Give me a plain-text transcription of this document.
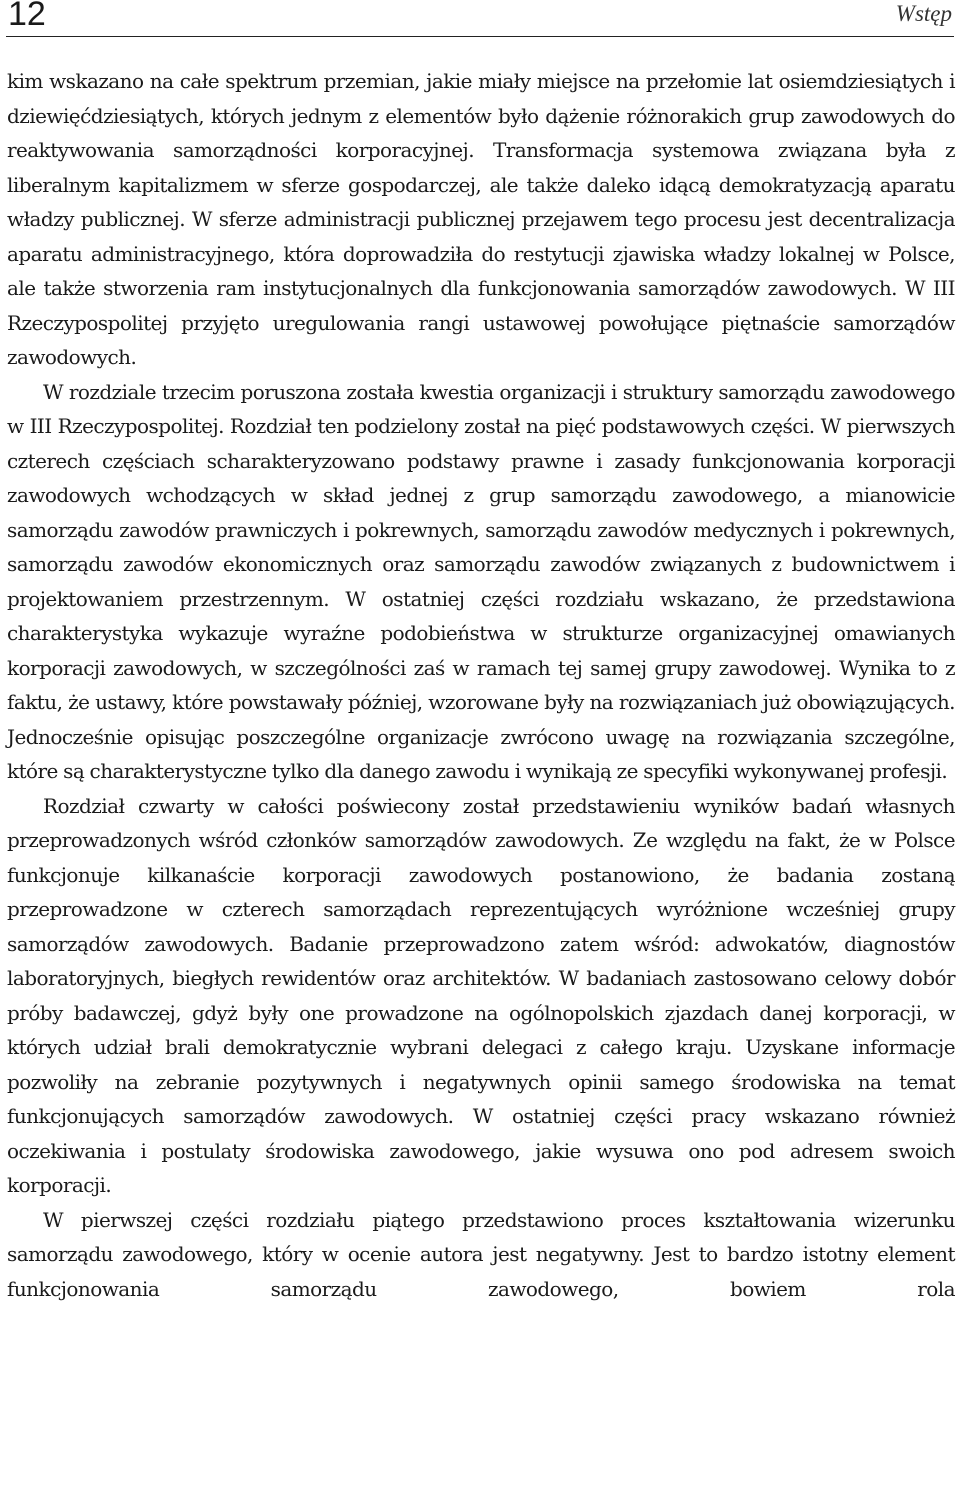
12	Wstęp

kim wskazano na całe spektrum przemian, jakie miały miejsce na przełomie lat osiemdziesiątych i dziewięćdziesiątych, których jednym z elementów było dążenie różnorakich grup zawodowych do reaktywowania samorządności korporacyjnej. Transformacja systemowa związana była z liberalnym kapitalizmem w sferze gospodarczej, ale także daleko idącą demokratyzacją aparatu władzy publicznej. W sferze administracji publicznej przejawem tego procesu jest decentralizacja aparatu administracyjnego, która doprowadziła do restytucji zjawiska władzy lokalnej w Polsce, ale także stworzenia ram instytucjonalnych dla funkcjonowania samorządów zawodowych. W III Rzeczypospolitej przyjęto uregulowania rangi ustawowej powołujące piętnaście samorządów zawodowych.

W rozdziale trzecim poruszona została kwestia organizacji i struktury samorządu zawodowego w III Rzeczypospolitej. Rozdział ten podzielony został na pięć podstawowych części. W pierwszych czterech częściach scharakteryzowano podstawy prawne i zasady funkcjonowania korporacji zawodowych wchodzących w skład jednej z grup samorządu zawodowego, a mianowicie samorządu zawodów prawniczych i pokrewnych, samorządu zawodów medycznych i pokrewnych, samorządu zawodów ekonomicznych oraz samorządu zawodów związanych z budownictwem i projektowaniem przestrzennym. W ostatniej części rozdziału wskazano, że przedstawiona charakterystyka wykazuje wyraźne podobieństwa w strukturze organizacyjnej omawianych korporacji zawodowych, w szczególności zaś w ramach tej samej grupy zawodowej. Wynika to z faktu, że ustawy, które powstawały później, wzorowane były na rozwiązaniach już obowiązujących. Jednocześnie opisując poszczególne organizacje zwrócono uwagę na rozwiązania szczególne, które są charakterystyczne tylko dla danego zawodu i wynikają ze specyfiki wykonywanej profesji.

Rozdział czwarty w całości poświecony został przedstawieniu wyników badań własnych przeprowadzonych wśród członków samorządów zawodowych. Ze względu na fakt, że w Polsce funkcjonuje kilkanaście korporacji zawodowych postanowiono, że badania zostaną przeprowadzone w czterech samorządach reprezentujących wyróżnione wcześniej grupy samorządów zawodowych. Badanie przeprowadzono zatem wśród: adwokatów, diagnostów laboratoryjnych, biegłych rewidentów oraz architektów. W badaniach zastosowano celowy dobór próby badawczej, gdyż były one prowadzone na ogólnopolskich zjazdach danej korporacji, w których udział brali demokratycznie wybrani delegaci z całego kraju. Uzyskane informacje pozwoliły na zebranie pozytywnych i negatywnych opinii samego środowiska na temat funkcjonujących samorządów zawodowych. W ostatniej części pracy wskazano również oczekiwania i postulaty środowiska zawodowego, jakie wysuwa ono pod adresem swoich korporacji.

W pierwszej części rozdziału piątego przedstawiono proces kształtowania wizerunku samorządu zawodowego, który w ocenie autora jest negatywny. Jest to bardzo istotny element funkcjonowania samorządu zawodowego, bowiem rola
